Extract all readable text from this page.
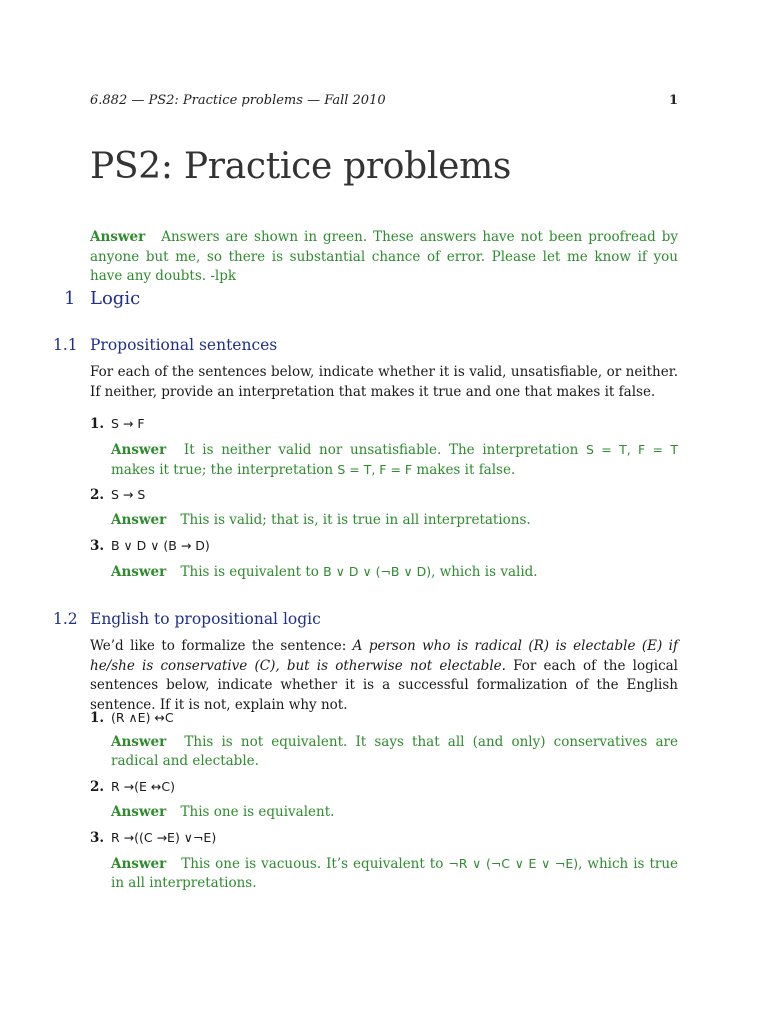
6.882 — PS2: Practice problems — Fall 2010	1
PS2: Practice problems
Answer Answers are shown in green. These answers have not been proofread by anyone but me, so there is substantial chance of error. Please let me know if you have any doubts. -lpk
1 Logic
1.1 Propositional sentences
For each of the sentences below, indicate whether it is valid, unsatisfiable, or neither. If neither, provide an interpretation that makes it true and one that makes it false.
1. S → F
Answer It is neither valid nor unsatisfiable. The interpretation S = T, F = T makes it true; the interpretation S = T, F = F makes it false.
2. S → S
Answer This is valid; that is, it is true in all interpretations.
3. B ∨ D ∨ (B → D)
Answer This is equivalent to B ∨ D ∨ (¬B ∨ D), which is valid.
1.2 English to propositional logic
We’d like to formalize the sentence: A person who is radical (R) is electable (E) if he/she is conservative (C), but is otherwise not electable. For each of the logical sentences below, indicate whether it is a successful formalization of the English sentence. If it is not, explain why not.
1. (R ∧E) ↔C
Answer This is not equivalent. It says that all (and only) conservatives are radical and electable.
2. R →(E ↔C)
Answer This one is equivalent.
3. R →((C →E) ∨¬E)
Answer This one is vacuous. It’s equivalent to ¬R ∨ (¬C ∨ E ∨ ¬E), which is true in all interpretations.
